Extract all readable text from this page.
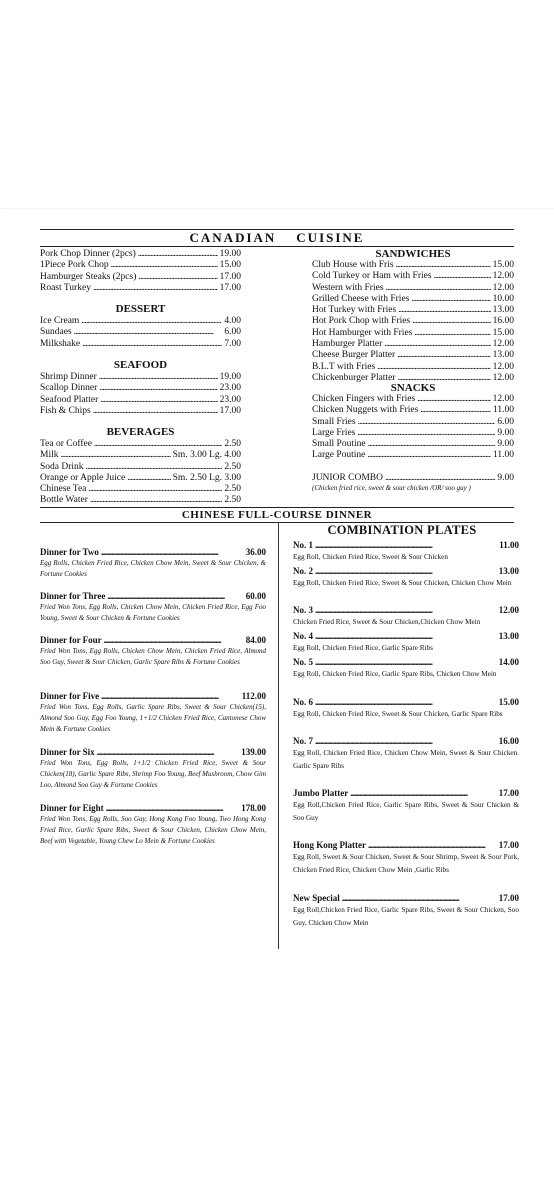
CANADIAN CUISINE
Pork Chop Dinner (2pcs) . . .	19.00
1Piece Pork Chop . . .	15.00
Hamburger Steaks (2pcs) . . .	17.00
Roast Turkey . . .	17.00
DESSERT
Ice Cream . . .	4.00
Sundaes . . .	6.00
Milkshake . . .	7.00
SEAFOOD
Shrimp Dinner . . .	19.00
Scallop Dinner . . .	23.00
Seafood Platter . . .	23.00
Fish & Chips . . .	17.00
BEVERAGES
Tea or Coffee . . .	2.50
Milk . . .	Sm. 3.00 Lg. 4.00
Soda Drink . . .	2.50
Orange or Apple Juice . . .	Sm. 2.50 Lg. 3.00
Chinese Tea . . .	2.50
Bottle Water . . .	2.50
SANDWICHES
Club House with Fris . . .	15.00
Cold Turkey or Ham with Fries . . .	12.00
Western with Fries . . .	12.00
Grilled Cheese with Fries . . .	10.00
Hot Turkey with Fries . . .	13.00
Hot Pork Chop with Fries . . .	16.00
Hot Hamburger with Fries . . .	15.00
Hamburger Platter . . .	12.00
Cheese Burger Platter . . .	13.00
B.L.T with Fries . . .	12.00
Chickenburger Platter . . .	12.00
SNACKS
Chicken Fingers with Fries . . .	12.00
Chicken Nuggets with Fries . . .	11.00
Small Fries . . .	6.00
Large Fries . . .	9.00
Small Poutine . . .	9.00
Large Poutine . . .	11.00
JUNIOR COMBO . . .	9.00
(Chicken fried rice, sweet & sour chicken /OR/ soo guy )
CHINESE FULL-COURSE DINNER
Dinner for Two . . .	36.00
Egg Rolls, Chicken Fried Rice, Chicken Chow Mein, Sweet & Sour Chicken, & Fortune Cookies
Dinner for Three . . .	60.00
Fried Won Tons, Egg Rolls, Chicken Chow Mein, Chicken Fried Rice, Egg Foo Young, Sweet & Sour Chicken & Fortune Cookies
Dinner for Four . . .	84.00
Fried Won Tons, Egg Rolls, Chicken Chow Mein, Chicken Fried Rice, Almond Soo Guy, Sweet & Sour Chicken, Garlic Spare Ribs & Fortune Cookies
Dinner for Five . . .	112.00
Fried Won Tons, Egg Rolls, Garlic Spare Ribs, Sweet & Sour Chicken(15), Almond Soo Guy, Egg Foo Young, 1+1/2 Chicken Fried Rice, Cantonese Chow Mein & Fortune Cookies
Dinner for Six . . .	139.00
Fried Won Tons, Egg Rolls, 1+1/2 Chicken Fried Rice, Sweet & Sour Chicken(18), Garlic Spare Ribs, Shrimp Foo Young, Beef Mushroom, Chow Gim Loo, Almond Soo Guy & Fortune Cookies
Dinner for Eight . . .	178.00
Fried Won Tons, Egg Rolls, Soo Guy, Hong Kong Foo Young, Two Hong Kong Fried Rice, Garlic Spare Ribs, Sweet & Sour Chicken, Chicken Chow Mein, Beef with Vegetable, Young Chew Lo Mein & Fortune Cookies
COMBINATION PLATES
No. 1 . . .	11.00
Egg Roll, Chicken Fried Rice, Sweet & Sour Chicken
No. 2 . . .	13.00
Egg Roll, Chicken Fried Rice, Sweet & Sour Chicken, Chicken Chow Mein
No. 3 . . .	12.00
Chicken Fried Rice, Sweet & Sour Chicken,Chicken Chow Mein
No. 4 . . .	13.00
Egg Roll, Chicken Fried Rice, Garlic Spare Ribs
No. 5 . . .	14.00
Egg Roll, Chicken Fried Rice, Garlic Spare Ribs, Chicken Chow Mein
No. 6 . . .	15.00
Egg Roll, Chicken Fried Rice, Sweet & Sour Chicken, Garlic Spare Ribs
No. 7 . . .	16.00
Egg Roll, Chicken Fried Rice, Chicken Chow Mein, Sweet & Sour Chicken. Garlic Spare Ribs
Jumbo Platter . . .	17.00
Egg Roll,Chicken Fried Rice, Garlic Spare Ribs, Sweet & Sour Chicken & Soo Guy
Hong Kong Platter . . .	17.00
Egg Roll, Sweet & Sour Chicken, Sweet & Sour Shrimp, Sweet & Sour Pork, Chicken Fried Rice, Chicken Chow Mein ,Garlic Ribs
New Special . . .	17.00
Egg Roll,Chicken Fried Rice, Garlic Spare Ribs, Sweet & Sour Chicken, Soo Guy, Chicken Chow Mein
